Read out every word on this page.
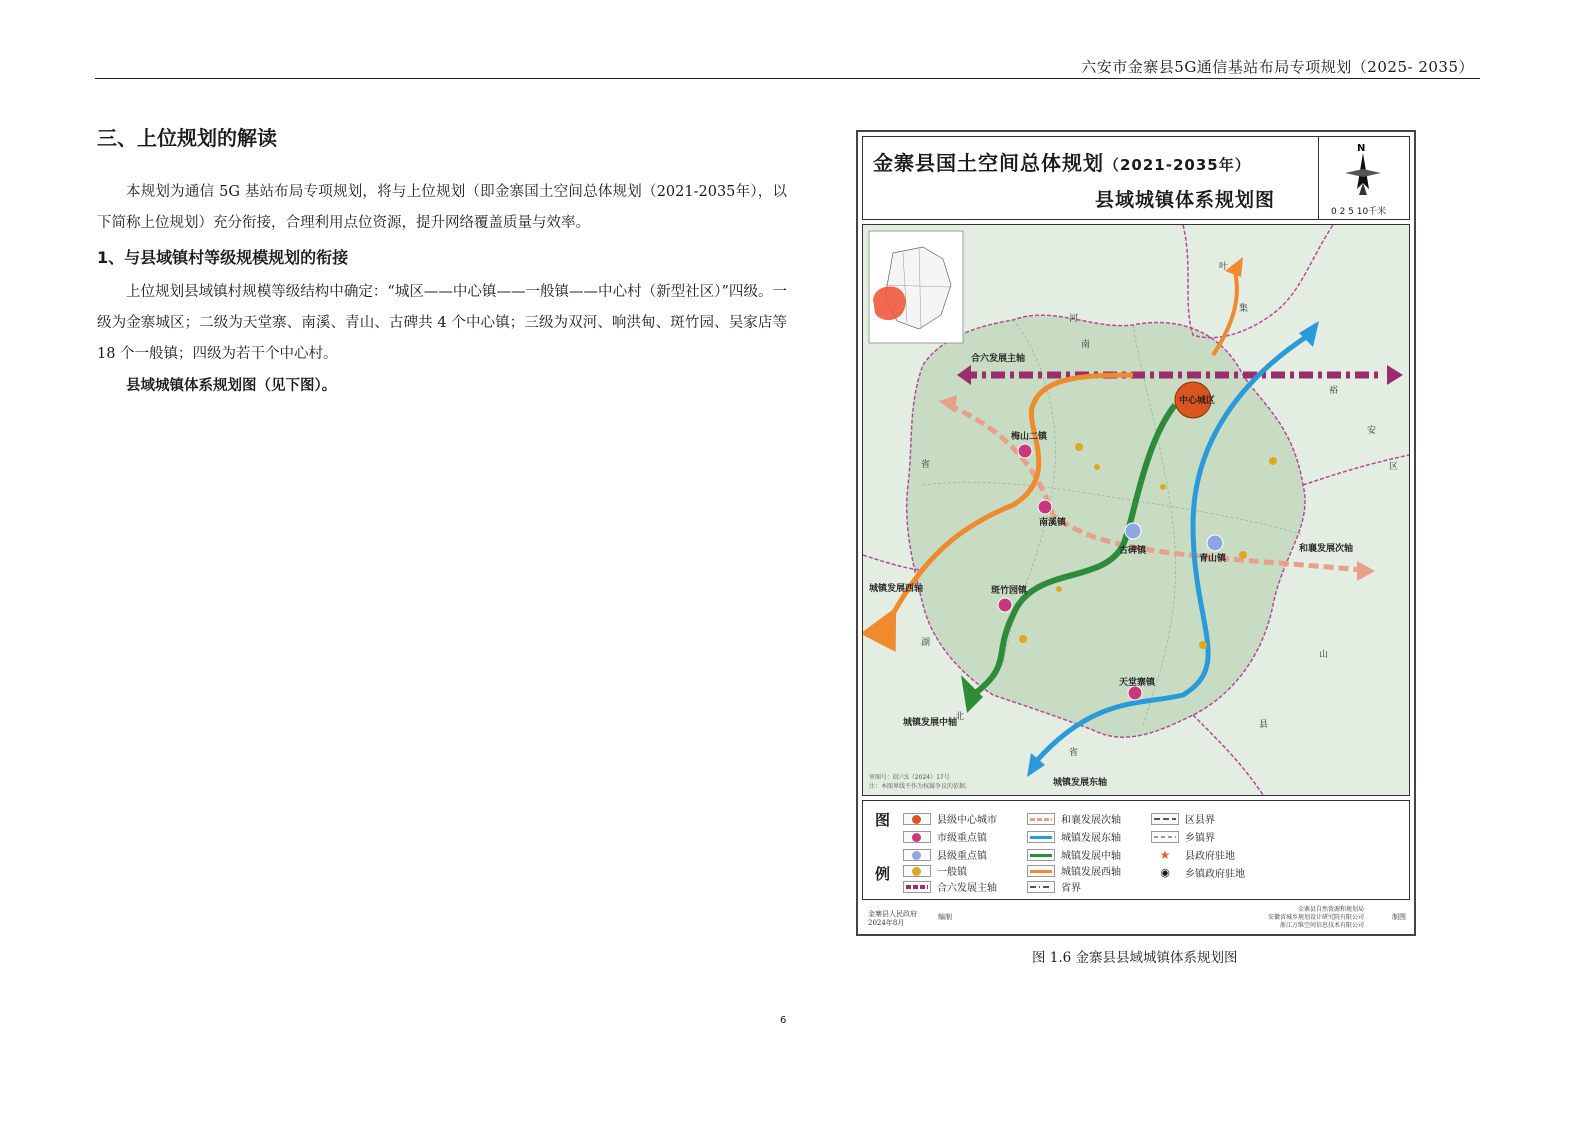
六安市金寨县5G通信基站布局专项规划（2025- 2035）
三、上位规划的解读

本规划为通信 5G 基站布局专项规划，将与上位规划（即金寨国土空间总体规划（2021-2035年），以下简称上位规划）充分衔接，合理利用点位资源，提升网络覆盖质量与效率。

1、与县域镇村等级规模规划的衔接

上位规划县域镇村规模等级结构中确定：“城区——中心镇——一般镇——中心村（新型社区）”四级。一级为金寨城区；二级为天堂寨、南溪、青山、古碑共 4 个中心镇；三级为双河、响洪甸、斑竹园、吴家店等 18 个一般镇；四级为若干个中心村。

县域城镇体系规划图（见下图）。

金寨县国土空间总体规划（2021-2035年）
县域城镇体系规划图
N
0 2 5 10千米
合六发展主轴
和襄发展次轴
城镇发展西轴
城镇发展中轴
城镇发展东轴
中心城区
梅山二镇
南溪镇
古碑镇
青山镇
斑竹园镇
天堂寨镇
河
南
省
湖
北
省
叶
集
裕
安
区
山
县
审图号：皖六S（2024）17号
注：本图界线不作为权属争议的依据。
图
例
县级中心城市
市级重点镇
县级重点镇
一般镇
合六发展主轴
和襄发展次轴
城镇发展东轴
城镇发展中轴
城镇发展西轴
省界
区县界
乡镇界
★	县政府驻地
◉	乡镇政府驻地
金寨县人民政府
2024年8月
编制
金寨县自然资源和规划局
安徽省城乡规划设计研究院有限公司
浙江万维空间信息技术有限公司
制图
图 1.6 金寨县县域城镇体系规划图
6
